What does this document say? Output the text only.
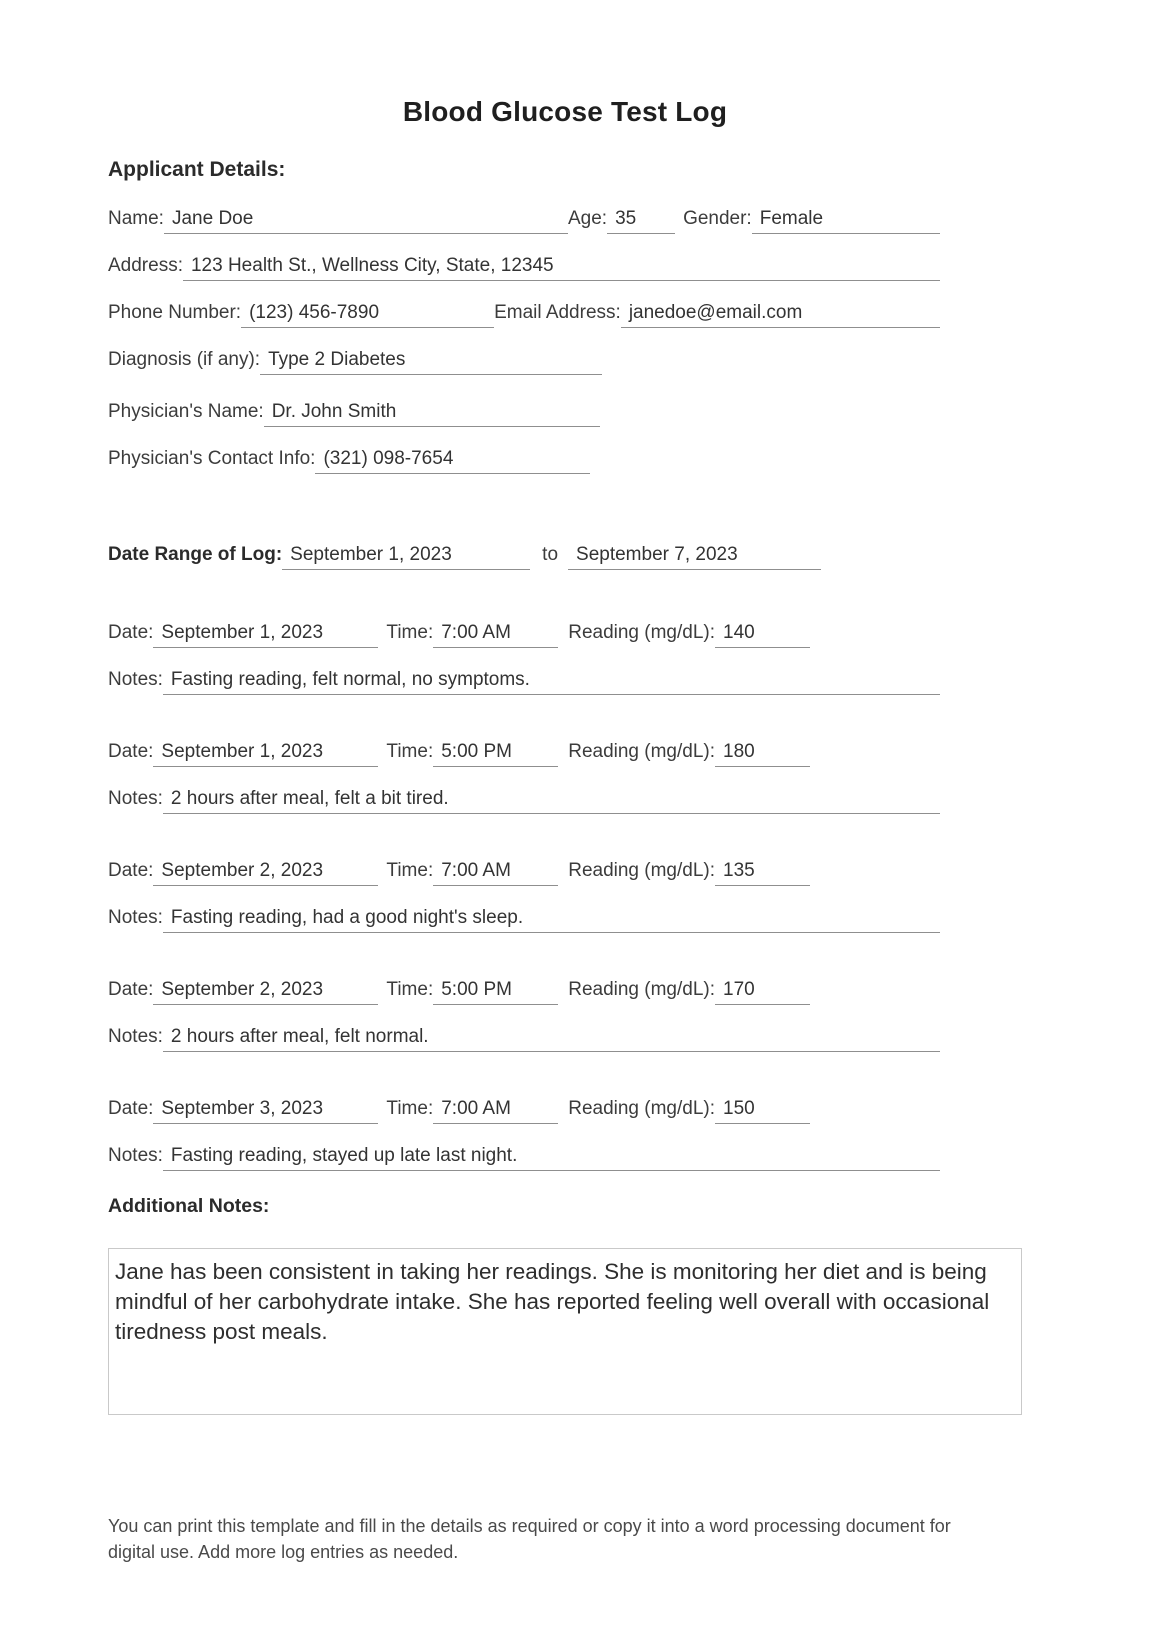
Blood Glucose Test Log
Applicant Details:
Name: Jane Doe	Age: 35	Gender: Female
Address: 123 Health St., Wellness City, State, 12345
Phone Number: (123) 456-7890	Email Address: janedoe@email.com
Diagnosis (if any): Type 2 Diabetes
Physician's Name: Dr. John Smith
Physician's Contact Info: (321) 098-7654
Date Range of Log: September 1, 2023	to September 7, 2023
Date: September 1, 2023	Time: 7:00 AM	Reading (mg/dL): 140
Notes: Fasting reading, felt normal, no symptoms.
Date: September 1, 2023	Time: 5:00 PM	Reading (mg/dL): 180
Notes: 2 hours after meal, felt a bit tired.
Date: September 2, 2023	Time: 7:00 AM	Reading (mg/dL): 135
Notes: Fasting reading, had a good night's sleep.
Date: September 2, 2023	Time: 5:00 PM	Reading (mg/dL): 170
Notes: 2 hours after meal, felt normal.
Date: September 3, 2023	Time: 7:00 AM	Reading (mg/dL): 150
Notes: Fasting reading, stayed up late last night.
Additional Notes:
Jane has been consistent in taking her readings. She is monitoring her diet and is being mindful of her carbohydrate intake. She has reported feeling well overall with occasional tiredness post meals.
You can print this template and fill in the details as required or copy it into a word processing document for digital use. Add more log entries as needed.
